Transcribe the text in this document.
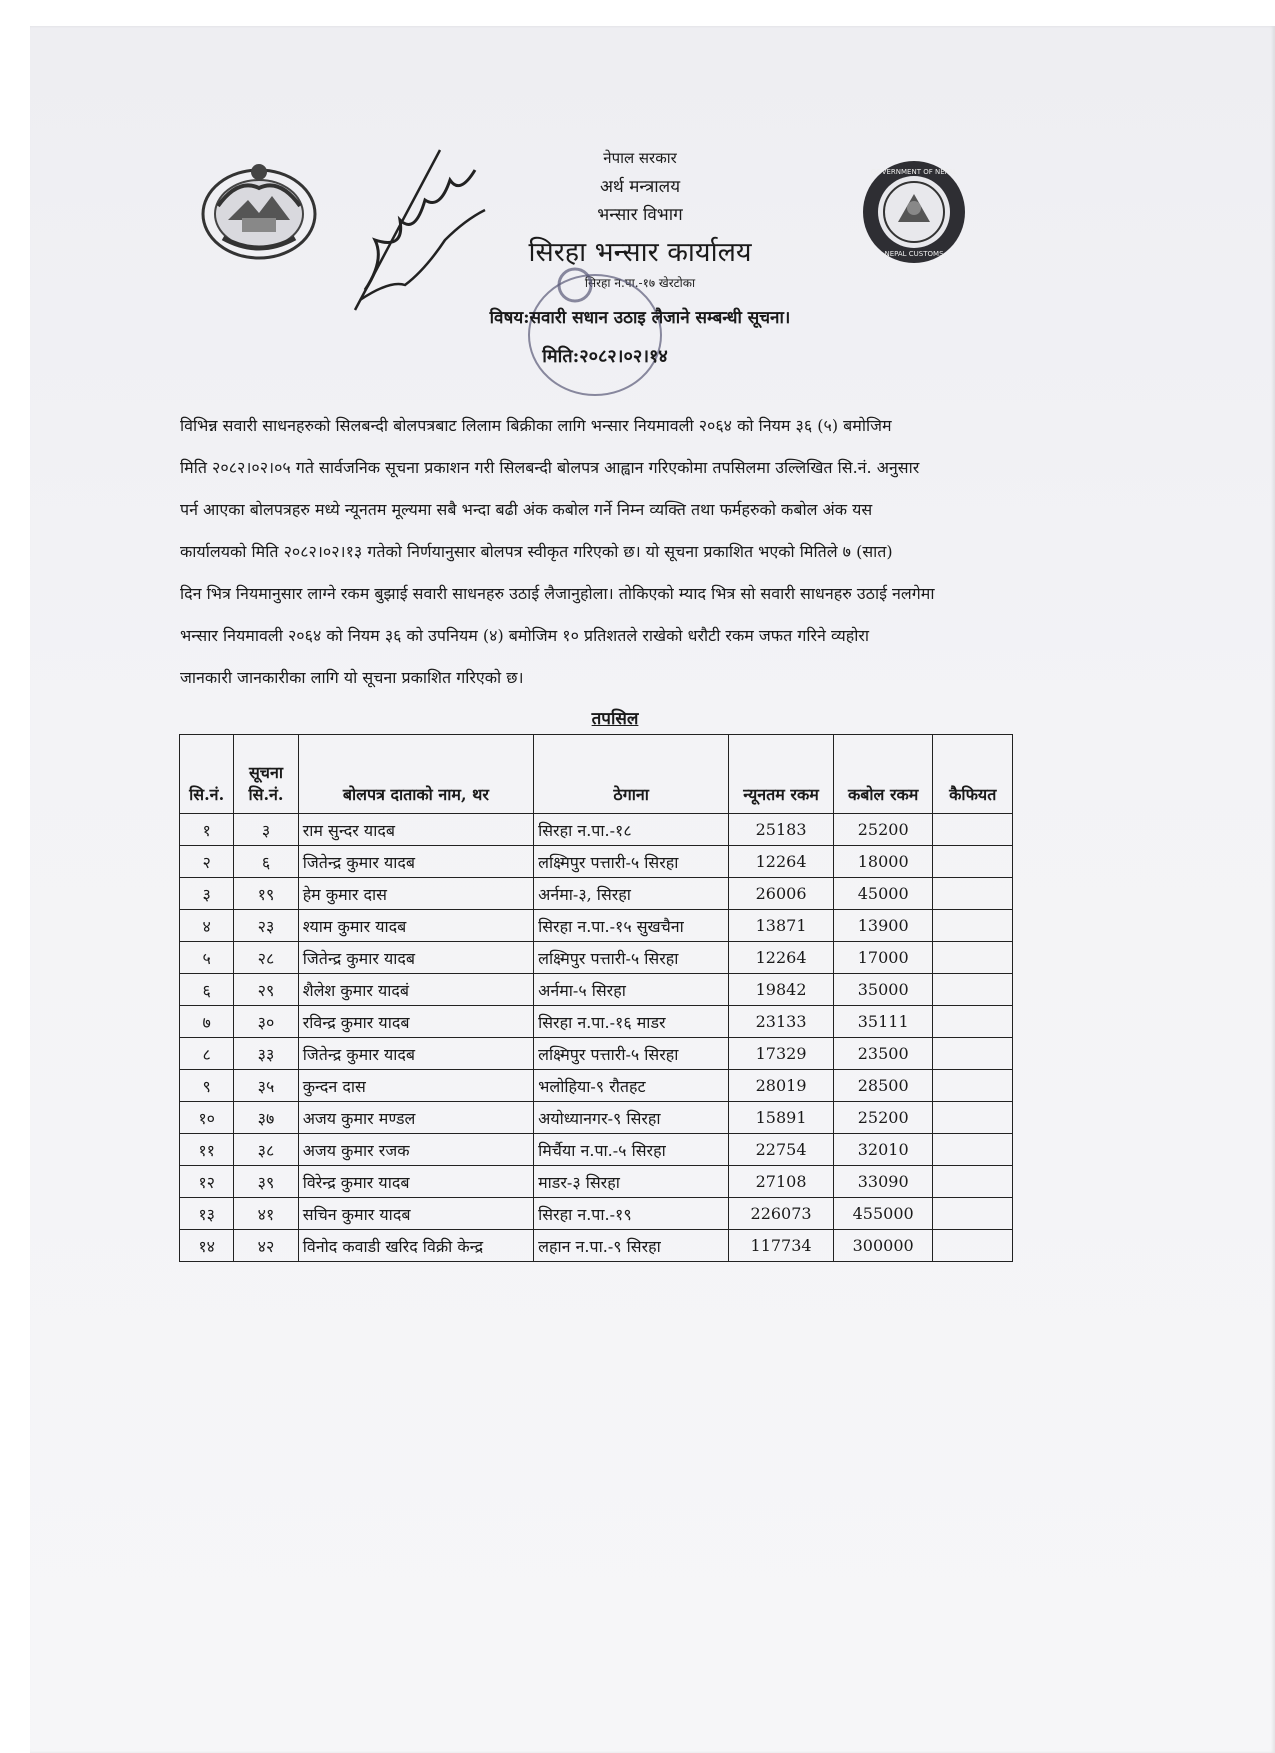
GOVERNMENT OF NEPAL
NEPAL CUSTOMS
नेपाल सरकार
अर्थ मन्त्रालय
भन्सार विभाग
सिरहा भन्सार कार्यालय
सिरहा न.पा.-१७ खेरटोका
विषय:सवारी सधान उठाइ लैजाने सम्बन्धी सूचना।
मिति:२०८२।०२।१४
विभिन्न सवारी साधनहरुको सिलबन्दी बोलपत्रबाट लिलाम बिक्रीका लागि भन्सार नियमावली २०६४ को नियम ३६ (५) बमोजिम
मिति २०८२।०२।०५ गते सार्वजनिक सूचना प्रकाशन गरी सिलबन्दी बोलपत्र आह्वान गरिएकोमा तपसिलमा उल्लिखित सि.नं. अनुसार
पर्न आएका बोलपत्रहरु मध्ये न्यूनतम मूल्यमा सबै भन्दा बढी अंक कबोल गर्ने निम्न व्यक्ति तथा फर्महरुको कबोल अंक यस
कार्यालयको मिति २०८२।०२।१३ गतेको निर्णयानुसार बोलपत्र स्वीकृत गरिएको छ। यो सूचना प्रकाशित भएको मितिले ७ (सात)
दिन भित्र नियमानुसार लाग्ने रकम बुझाई सवारी साधनहरु उठाई लैजानुहोला। तोकिएको म्याद भित्र सो सवारी साधनहरु उठाई नलगेमा
भन्सार नियमावली २०६४ को नियम ३६ को उपनियम (४) बमोजिम १० प्रतिशतले राखेको धरौटी रकम जफत गरिने व्यहोरा
जानकारी जानकारीका लागि यो सूचना प्रकाशित गरिएको छ।
तपसिल
सि.नं.	सूचना सि.नं.	बोलपत्र दाताको नाम, थर	ठेगाना	न्यूनतम रकम	कबोल रकम	कैफियत
१	३	राम सुन्दर यादब	सिरहा न.पा.-१८	25183	25200	
२	६	जितेन्द्र कुमार यादब	लक्ष्मिपुर पत्तारी-५ सिरहा	12264	18000	
३	१९	हेम कुमार दास	अर्नमा-३, सिरहा	26006	45000	
४	२३	श्याम कुमार यादब	सिरहा न.पा.-१५ सुखचैना	13871	13900	
५	२८	जितेन्द्र कुमार यादब	लक्ष्मिपुर पत्तारी-५ सिरहा	12264	17000	
६	२९	शैलेश कुमार यादबं	अर्नमा-५ सिरहा	19842	35000	
७	३०	रविन्द्र कुमार यादब	सिरहा न.पा.-१६ माडर	23133	35111	
८	३३	जितेन्द्र कुमार यादब	लक्ष्मिपुर पत्तारी-५ सिरहा	17329	23500	
९	३५	कुन्दन दास	भलोहिया-९ रौतहट	28019	28500	
१०	३७	अजय कुमार मण्डल	अयोध्यानगर-९ सिरहा	15891	25200	
११	३८	अजय कुमार रजक	मिर्चैया न.पा.-५ सिरहा	22754	32010	
१२	३९	विरेन्द्र कुमार यादब	माडर-३ सिरहा	27108	33090	
१३	४१	सचिन कुमार यादब	सिरहा न.पा.-१९	226073	455000	
१४	४२	विनोद कवाडी खरिद विक्री केन्द्र	लहान न.पा.-९ सिरहा	117734	300000	
